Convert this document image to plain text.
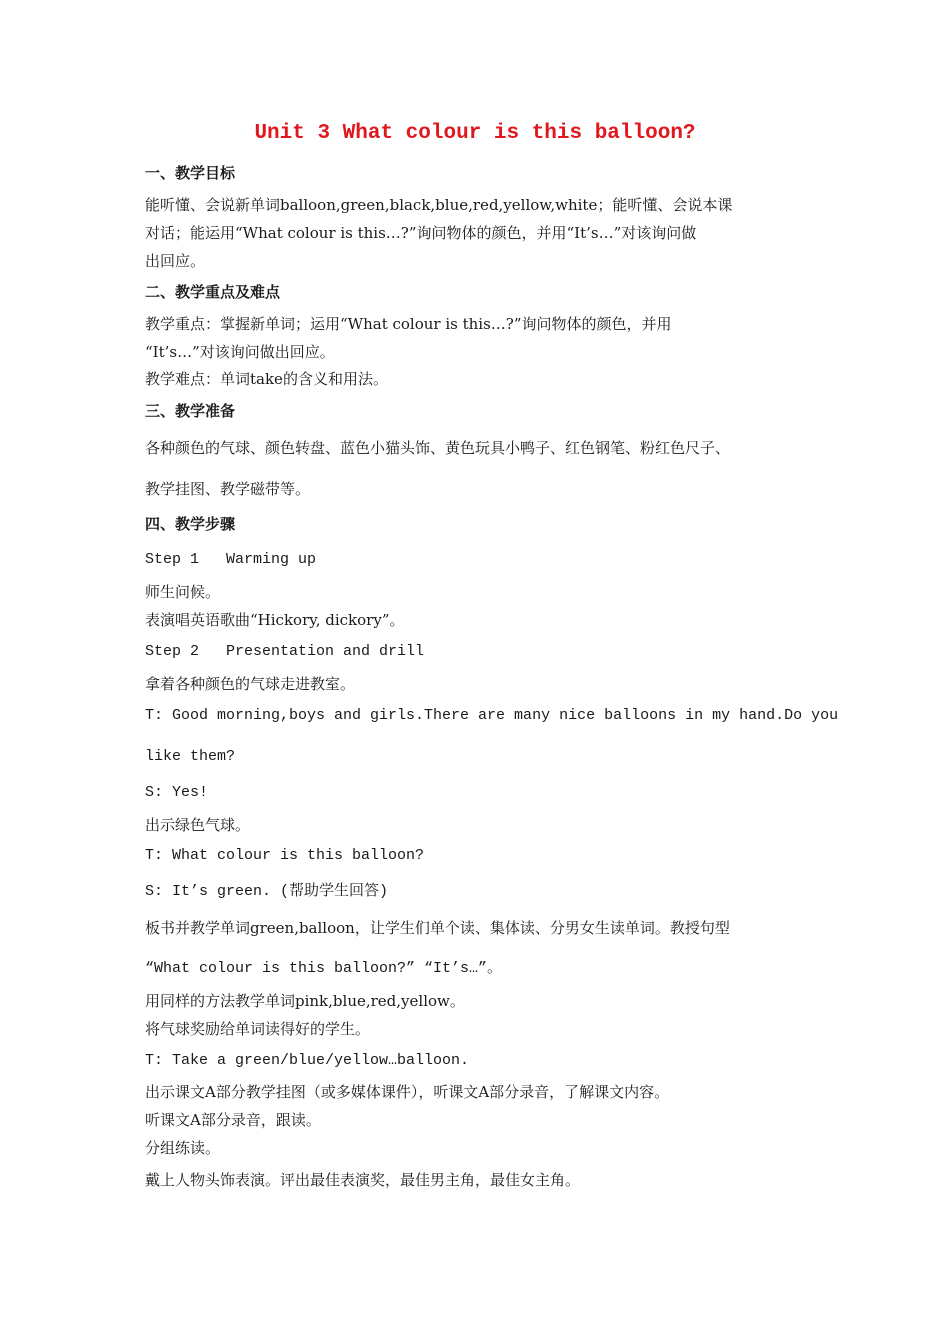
Unit 3 What colour is this balloon?
一、教学目标
能听懂、会说新单词balloon,green,black,blue,red,yellow,white；能听懂、会说本课
对话；能运用“What colour is this…?”询问物体的颜色，并用“It’s…”对该询问做
出回应。
二、教学重点及难点
教学重点：掌握新单词；运用“What colour is this…?”询问物体的颜色，并用
“It’s…”对该询问做出回应。
教学难点：单词take的含义和用法。
三、教学准备
各种颜色的气球、颜色转盘、蓝色小猫头饰、黄色玩具小鸭子、红色钢笔、粉红色尺子、
教学挂图、教学磁带等。
四、教学步骤
Step 1   Warming up
师生问候。
表演唱英语歌曲“Hickory, dickory”。
Step 2   Presentation and drill
拿着各种颜色的气球走进教室。
T: Good morning,boys and girls.There are many nice balloons in my hand.Do you
like them?
S: Yes!
出示绿色气球。
T: What colour is this balloon?
S: It’s green. (帮助学生回答)
板书并教学单词green,balloon，让学生们单个读、集体读、分男女生读单词。教授句型
“What colour is this balloon?” “It’s…”。
用同样的方法教学单词pink,blue,red,yellow。
将气球奖励给单词读得好的学生。
T: Take a green/blue/yellow…balloon.
出示课文A部分教学挂图（或多媒体课件），听课文A部分录音，了解课文内容。
听课文A部分录音，跟读。
分组练读。
戴上人物头饰表演。评出最佳表演奖，最佳男主角，最佳女主角。
